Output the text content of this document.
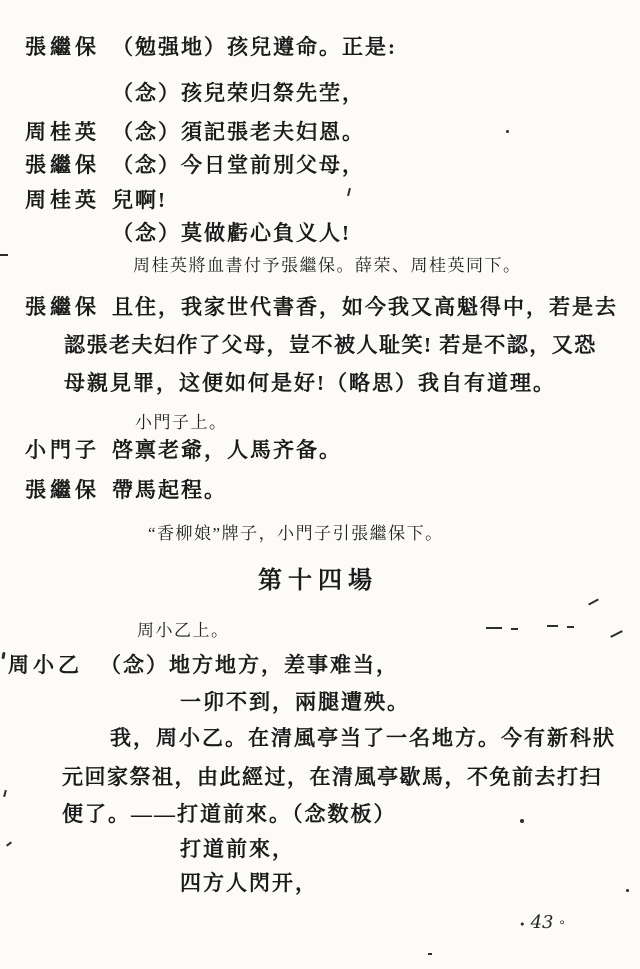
張繼保 （勉强地）孩兒遵命。正是:
（念）孩兒荣归祭先茔，
周桂英 （念）須記張老夫妇恩。
張繼保 （念）今日堂前別父母，
周桂英 兒啊!
（念）莫做虧心負义人!
周桂英將血書付予張繼保。薛荣、周桂英同下。
張繼保 且住，我家世代書香，如今我又高魁得中，若是去
認張老夫妇作了父母，豈不被人耻笑! 若是不認，又恐
母親見罪，这便如何是好!（略思）我自有道理。
小門子上。
小門子 啓禀老爺，人馬齐备。
張繼保 帶馬起程。
“香柳娘”牌子，小門子引張繼保下。
第十四場
周小乙上。
周小乙 （念）地方地方，差事难当，
一卯不到，兩腿遭殃。
我，周小乙。在清風亭当了一名地方。今有新科狀
元回家祭祖，由此經过，在清風亭歇馬，不免前去打扫
便了。——打道前來。（念数板）
打道前來，
四方人閃开，
• 43 °
